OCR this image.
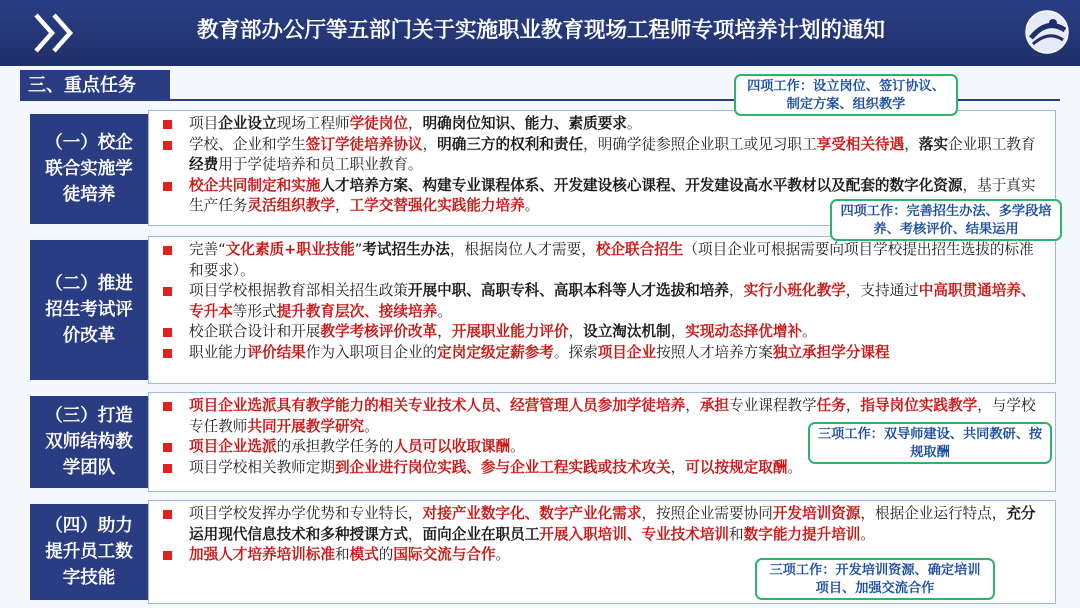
教育部办公厅等五部门关于实施职业教育现场工程师专项培养计划的通知
三、重点任务
（一）校企联合实施学徒培养
项目企业设立现场工程师学徒岗位，明确岗位知识、能力、素质要求。
学校、企业和学生签订学徒培养协议，明确三方的权利和责任，明确学徒参照企业职工或见习职工享受相关待遇，落实企业职工教育经费用于学徒培养和员工职业教育。
校企共同制定和实施人才培养方案、构建专业课程体系、开发建设核心课程、开发建设高水平教材以及配套的数字化资源，基于真实生产任务灵活组织教学，工学交替强化实践能力培养。
（二）推进招生考试评价改革
完善“文化素质+职业技能”考试招生办法，根据岗位人才需要，校企联合招生（项目企业可根据需要向项目学校提出招生选拔的标准和要求）。
项目学校根据教育部相关招生政策开展中职、高职专科、高职本科等人才选拔和培养，实行小班化教学，支持通过中高职贯通培养、专升本等形式提升教育层次、接续培养。
校企联合设计和开展教学考核评价改革，开展职业能力评价，设立淘汰机制，实现动态择优增补。
职业能力评价结果作为入职项目企业的定岗定级定薪参考。探索项目企业按照人才培养方案独立承担学分课程
（三）打造双师结构教学团队
项目企业选派具有教学能力的相关专业技术人员、经营管理人员参加学徒培养，承担专业课程教学任务，指导岗位实践教学，与学校专任教师共同开展教学研究。
项目企业选派的承担教学任务的人员可以收取课酬。
项目学校相关教师定期到企业进行岗位实践、参与企业工程实践或技术攻关，可以按规定取酬。
（四）助力提升员工数字技能
项目学校发挥办学优势和专业特长，对接产业数字化、数字产业化需求，按照企业需要协同开发培训资源，根据企业运行特点，充分运用现代信息技术和多种授课方式，面向企业在职员工开展入职培训、专业技术培训和数字能力提升培训。
加强人才培养培训标准和模式的国际交流与合作。
四项工作：设立岗位、签订协议、制定方案、组织教学
四项工作：完善招生办法、多学段培养、考核评价、结果运用
三项工作：双导师建设、共同教研、按规取酬
三项工作：开发培训资源、确定培训项目、加强交流合作
